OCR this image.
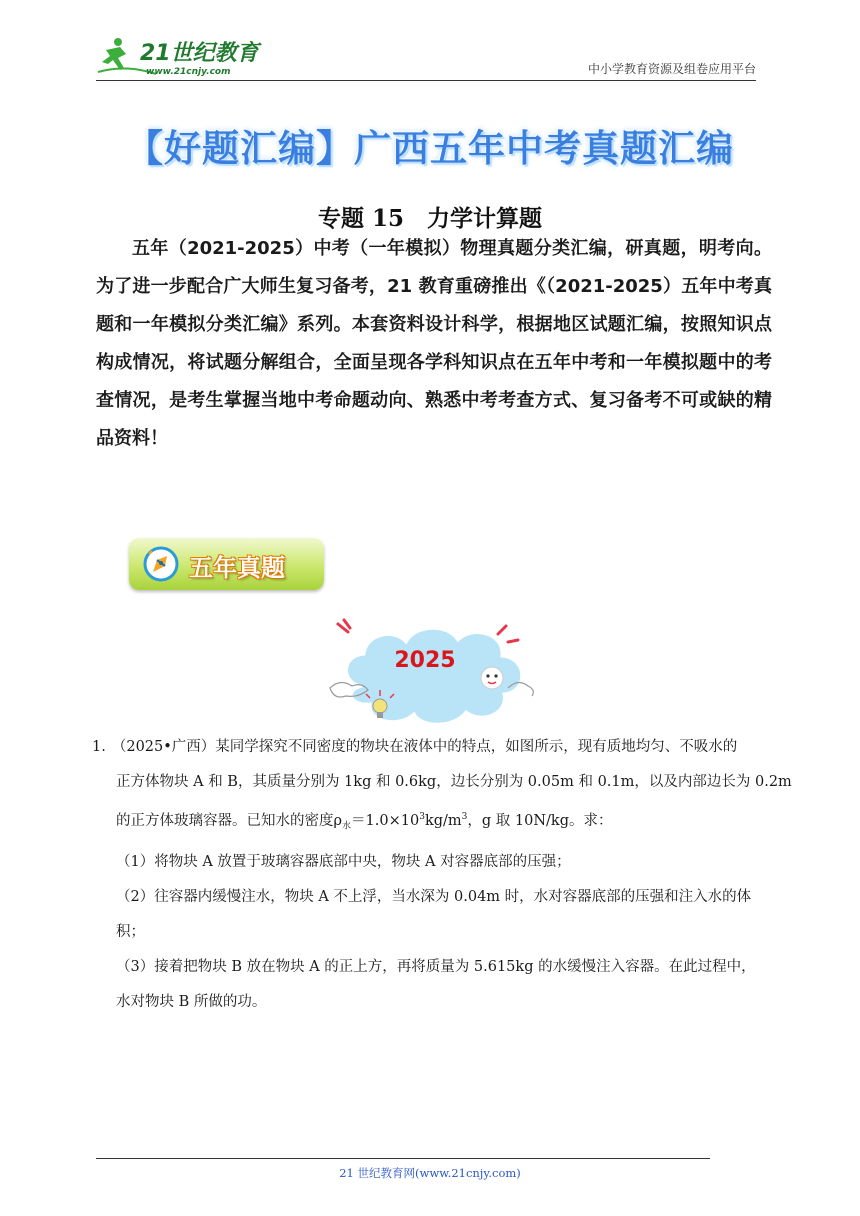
21世纪教育
www.21cnjy.com	中小学教育资源及组卷应用平台
【好题汇编】广西五年中考真题汇编
专题 15　力学计算题
五年（2021-2025）中考（一年模拟）物理真题分类汇编，研真题，明考向。为了进一步配合广大师生复习备考，21 教育重磅推出《（2021-2025）五年中考真题和一年模拟分类汇编》系列。本套资料设计科学，根据地区试题汇编，按照知识点构成情况，将试题分解组合，全面呈现各学科知识点在五年中考和一年模拟题中的考查情况，是考生掌握当地中考命题动向、熟悉中考考查方式、复习备考不可或缺的精品资料！
五年真题
2025
1. （2025•广西）某同学探究不同密度的物块在液体中的特点，如图所示，现有质地均匀、不吸水的
正方体物块 A 和 B，其质量分别为 1kg 和 0.6kg，边长分别为 0.05m 和 0.1m，以及内部边长为 0.2m
的正方体玻璃容器。已知水的密度$\rho_水=1.0\times 10^3kg/m^3$，g 取 10N/kg。求：
（1）将物块 A 放置于玻璃容器底部中央，物块 A 对容器底部的压强；
（2）往容器内缓慢注水，物块 A 不上浮，当水深为 0.04m 时，水对容器底部的压强和注入水的体
积；
（3）接着把物块 B 放在物块 A 的正上方，再将质量为 5.615kg 的水缓慢注入容器。在此过程中，
水对物块 B 所做的功。
21 世纪教育网(www.21cnjy.com)
